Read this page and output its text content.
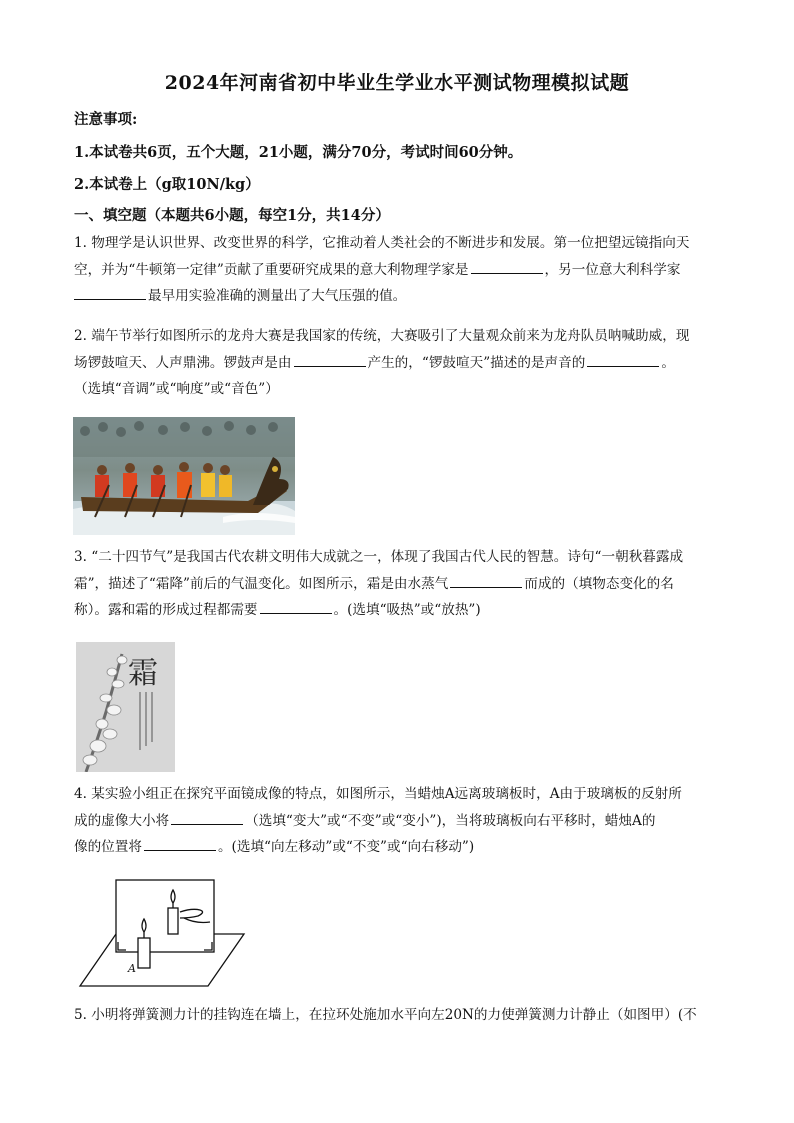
2024年河南省初中毕业生学业水平测试物理模拟试题
注意事项:
1.本试卷共6页，五个大题，21小题，满分70分，考试时间60分钟。
2.本试卷上（g取10N/kg）
一、填空题（本题共6小题，每空1分，共14分）
1. 物理学是认识世界、改变世界的科学，它推动着人类社会的不断进步和发展。第一位把望远镜指向天
空，并为“牛顿第一定律”贡献了重要研究成果的意大利物理学家是	，另一位意大利科学家
最早用实验准确的测量出了大气压强的值。
2. 端午节举行如图所示的龙舟大赛是我国家的传统，大赛吸引了大量观众前来为龙舟队员呐喊助威，现
场锣鼓喧天、人声鼎沸。锣鼓声是由	产生的，“锣鼓喧天”描述的是声音的	。
（选填“音调”或“响度”或“音色”）
3. “二十四节气”是我国古代农耕文明伟大成就之一，体现了我国古代人民的智慧。诗句“一朝秋暮露成
霜”，描述了“霜降”前后的气温变化。如图所示，霜是由水蒸气	而成的（填物态变化的名
称）。露和霜的形成过程都需要	。(选填“吸热”或“放热”)
霜
4. 某实验小组正在探究平面镜成像的特点，如图所示，当蜡烛A远离玻璃板时，A由于玻璃板的反射所
成的虚像大小将	（选填“变大”或“不变”或“变小”)，当将玻璃板向右平移时，蜡烛A的
像的位置将	。(选填“向左移动”或“不变”或“向右移动”)
A
5. 小明将弹簧测力计的挂钩连在墙上，在拉环处施加水平向左20N的力使弹簧测力计静止（如图甲）(不
